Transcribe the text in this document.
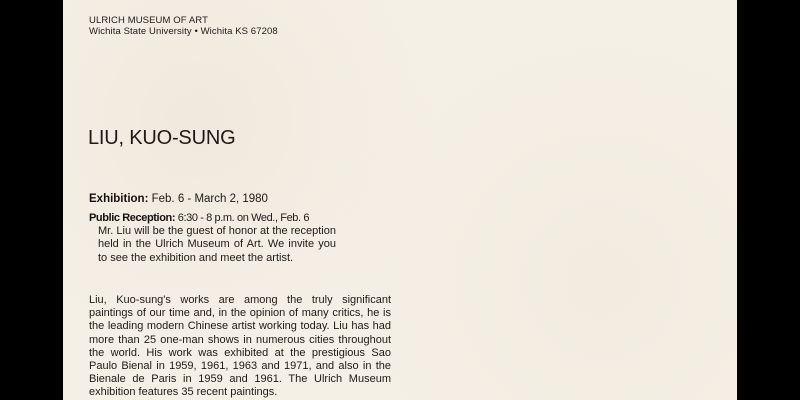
ULRICH MUSEUM OF ART
Wichita State University • Wichita KS 67208
LIU, KUO-SUNG
Exhibition: Feb. 6 - March 2, 1980
Public Reception: 6:30 - 8 p.m. on Wed., Feb. 6
Mr. Liu will be the guest of honor at the reception held in the Ulrich Museum of Art. We invite you to see the exhibition and meet the artist.

Liu, Kuo-sung's works are among the truly significant paintings of our time and, in the opinion of many critics, he is the leading modern Chinese artist working today. Liu has had more than 25 one-man shows in numerous cities throughout the world. His work was exhibited at the prestigious Sao Paulo Bienal in 1959, 1961, 1963 and 1971, and also in the Bienale de Paris in 1959 and 1961. The Ulrich Museum exhibition features 35 recent paintings.
